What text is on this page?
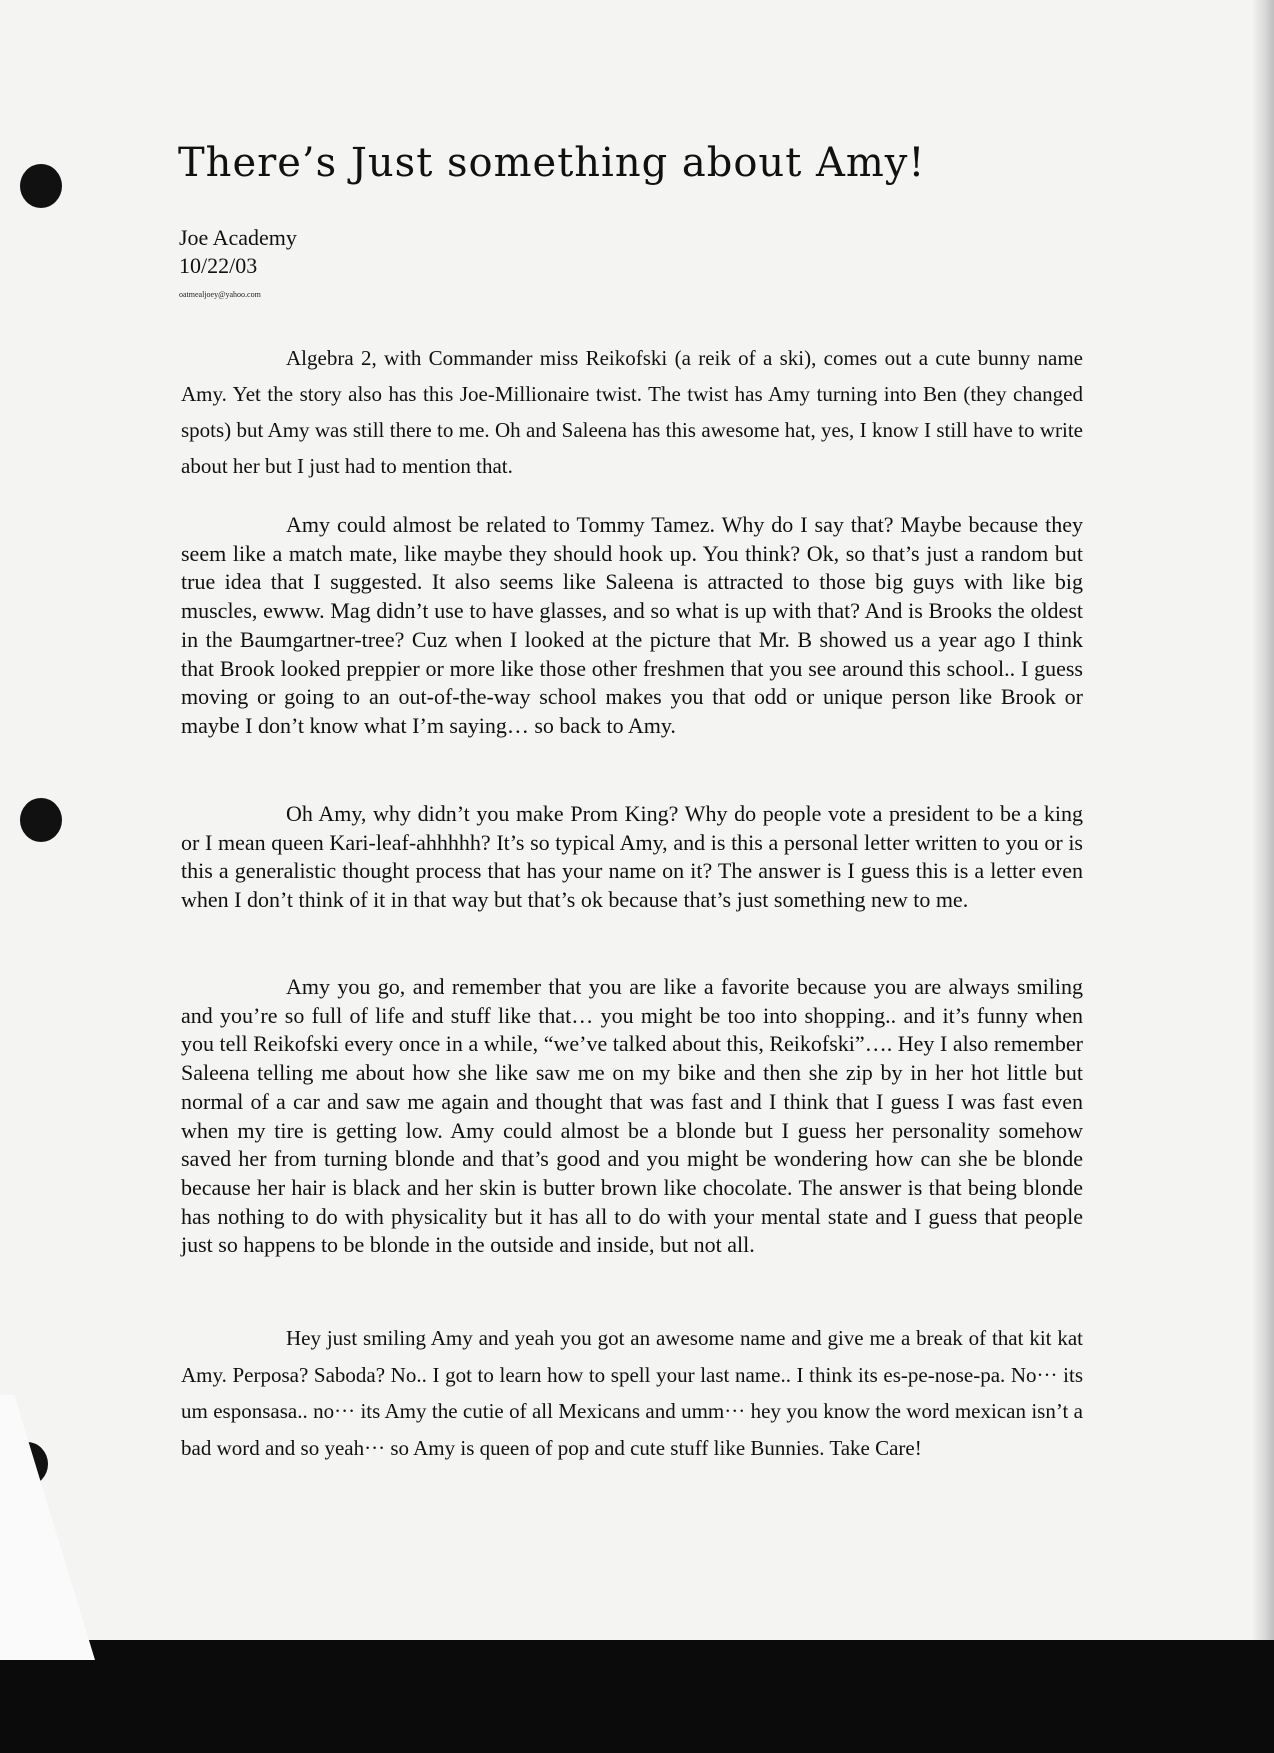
There’s Just something about Amy!
Joe Academy
10/22/03
oatmealjoey@yahoo.com

Algebra 2, with Commander miss Reikofski (a reik of a ski), comes out a cute bunny name Amy. Yet the story also has this Joe-Millionaire twist. The twist has Amy turning into Ben (they changed spots) but Amy was still there to me. Oh and Saleena has this awesome hat, yes, I know I still have to write about her but I just had to mention that.

Amy could almost be related to Tommy Tamez. Why do I say that? Maybe because they seem like a match mate, like maybe they should hook up. You think? Ok, so that’s just a random but true idea that I suggested. It also seems like Saleena is attracted to those big guys with like big muscles, ewww. Mag didn’t use to have glasses, and so what is up with that? And is Brooks the oldest in the Baumgartner-tree? Cuz when I looked at the picture that Mr. B showed us a year ago I think that Brook looked preppier or more like those other freshmen that you see around this school.. I guess moving or going to an out-of-the-way school makes you that odd or unique person like Brook or maybe I don’t know what I’m saying… so back to Amy.

Oh Amy, why didn’t you make Prom King? Why do people vote a president to be a king or I mean queen Kari-leaf-ahhhhh? It’s so typical Amy, and is this a personal letter written to you or is this a generalistic thought process that has your name on it? The answer is I guess this is a letter even when I don’t think of it in that way but that’s ok because that’s just something new to me.

Amy you go, and remember that you are like a favorite because you are always smiling and you’re so full of life and stuff like that… you might be too into shopping.. and it’s funny when you tell Reikofski every once in a while, “we’ve talked about this, Reikofski”…. Hey I also remember Saleena telling me about how she like saw me on my bike and then she zip by in her hot little but normal of a car and saw me again and thought that was fast and I think that I guess I was fast even when my tire is getting low. Amy could almost be a blonde but I guess her personality somehow saved her from turning blonde and that’s good and you might be wondering how can she be blonde because her hair is black and her skin is butter brown like chocolate. The answer is that being blonde has nothing to do with physicality but it has all to do with your mental state and I guess that people just so happens to be blonde in the outside and inside, but not all.

Hey just smiling Amy and yeah you got an awesome name and give me a break of that kit kat Amy. Perposa? Saboda? No.. I got to learn how to spell your last name.. I think its es-pe-nose-pa. No··· its um esponsasa.. no··· its Amy the cutie of all Mexicans and umm··· hey you know the word mexican isn’t a bad word and so yeah··· so Amy is queen of pop and cute stuff like Bunnies. Take Care!
